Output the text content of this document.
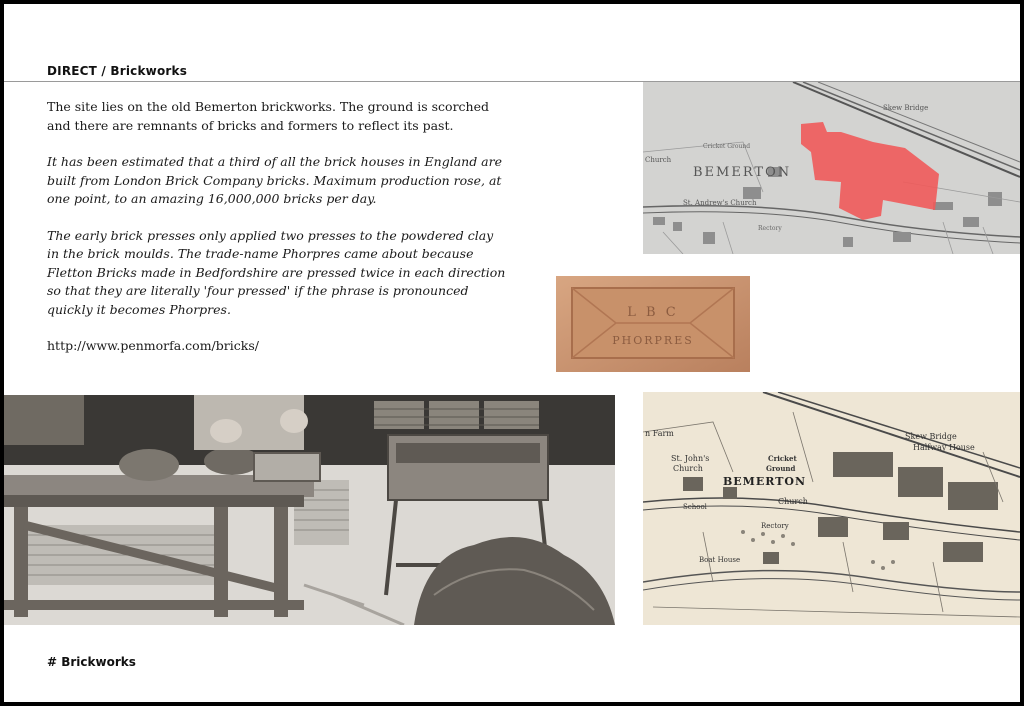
DIRECT / Brickworks

The site lies on the old Bemerton brickworks. The ground is scorched and there are remnants of bricks and formers to reflect its past.

It has been estimated that a third of all the brick houses in England are built from London Brick Company bricks. Maximum production rose, at one point, to an amazing 16,000,000 bricks per day.

The early brick presses only applied two presses to the powdered clay in the brick moulds. The trade-name Phorpres came about because Fletton Bricks made in Bedfordshire are pressed twice in each direction so that they are literally 'four pressed' if the phrase is pronounced quickly it becomes Phorpres.

http://www.penmorfa.com/bricks/

BEMERTON
Church
Skew Bridge
St. Andrew's Church
Cricket Ground
Rectory
L B C
PHORPRES
n Farm
St. John's
Church
Cricket
Ground
BEMERTON
Church
Skew Bridge
Halfway House
School
Rectory
Boat House
# Brickworks
